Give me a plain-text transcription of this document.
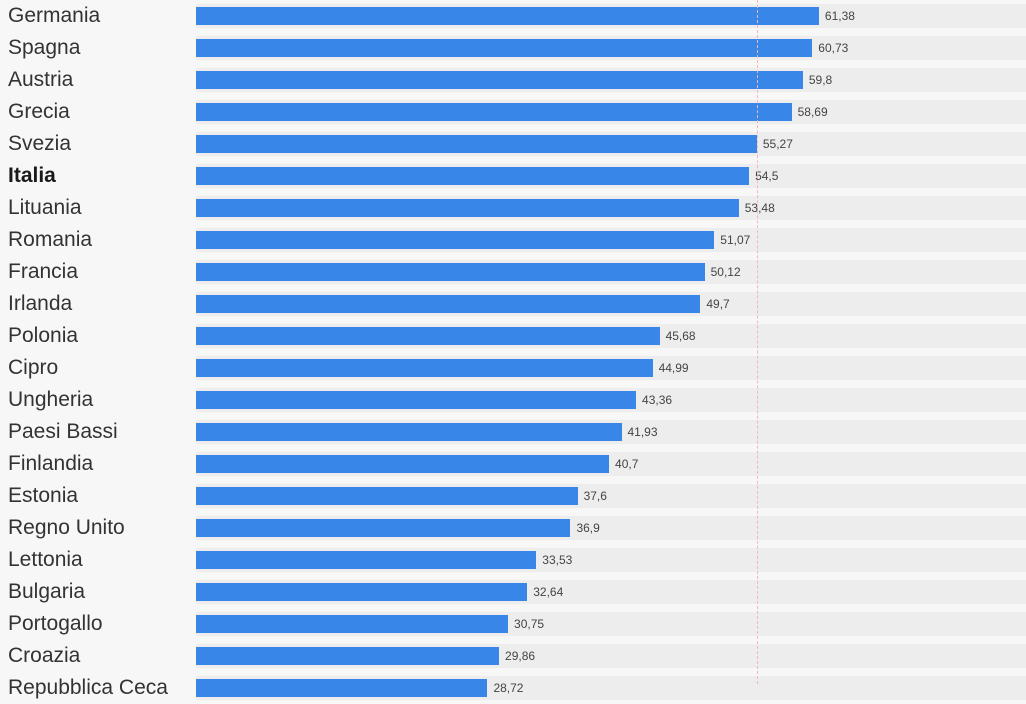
Germania	61,38
Spagna	60,73
Austria	59,8
Grecia	58,69
Svezia	55,27
Italia	54,5
Lituania	53,48
Romania	51,07
Francia	50,12
Irlanda	49,7
Polonia	45,68
Cipro	44,99
Ungheria	43,36
Paesi Bassi	41,93
Finlandia	40,7
Estonia	37,6
Regno Unito	36,9
Lettonia	33,53
Bulgaria	32,64
Portogallo	30,75
Croazia	29,86
Repubblica Ceca	28,72
